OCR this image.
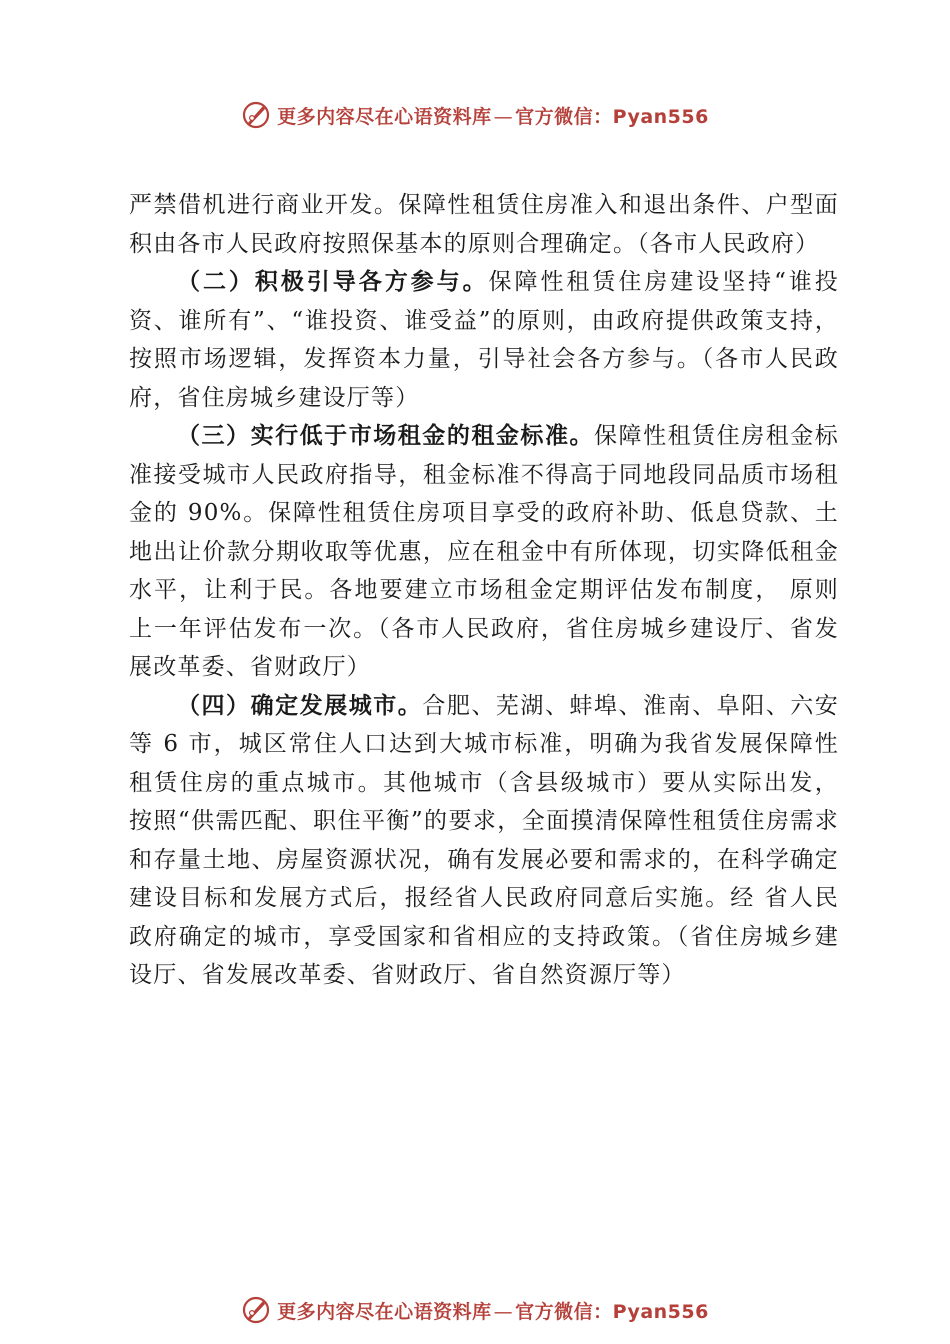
更多内容尽在心语资料库 — 官方微信：Pyan556

严禁借机进行商业开发。保障性租赁住房准入和退出条件、户型面积由各市人民政府按照保基本的原则合理确定。（各市人民政府）

（二）积极引导各方参与。保障性租赁住房建设坚持“谁投资、谁所有”、“谁投资、谁受益”的原则，由政府提供政策支持， 按照市场逻辑，发挥资本力量，引导社会各方参与。（各市人民政府，省住房城乡建设厅等）

（三）实行低于市场租金的租金标准。保障性租赁住房租金标准接受城市人民政府指导，租金标准不得高于同地段同品质市场租金的 90%。保障性租赁住房项目享受的政府补助、低息贷款、土地出让价款分期收取等优惠，应在租金中有所体现，切实降低租金水平，让利于民。各地要建立市场租金定期评估发布制度， 原则上一年评估发布一次。（各市人民政府，省住房城乡建设厅、省发展改革委、省财政厅）

（四）确定发展城市。合肥、芜湖、蚌埠、淮南、阜阳、六安等 6 市，城区常住人口达到大城市标准，明确为我省发展保障性租赁住房的重点城市。其他城市（含县级城市）要从实际出发， 按照“供需匹配、职住平衡”的要求，全面摸清保障性租赁住房需求和存量土地、房屋资源状况，确有发展必要和需求的，在科学确定建设目标和发展方式后，报经省人民政府同意后实施。经 省人民政府确定的城市，享受国家和省相应的支持政策。（省住房城乡建设厅、省发展改革委、省财政厅、省自然资源厅等）

更多内容尽在心语资料库 — 官方微信：Pyan556
